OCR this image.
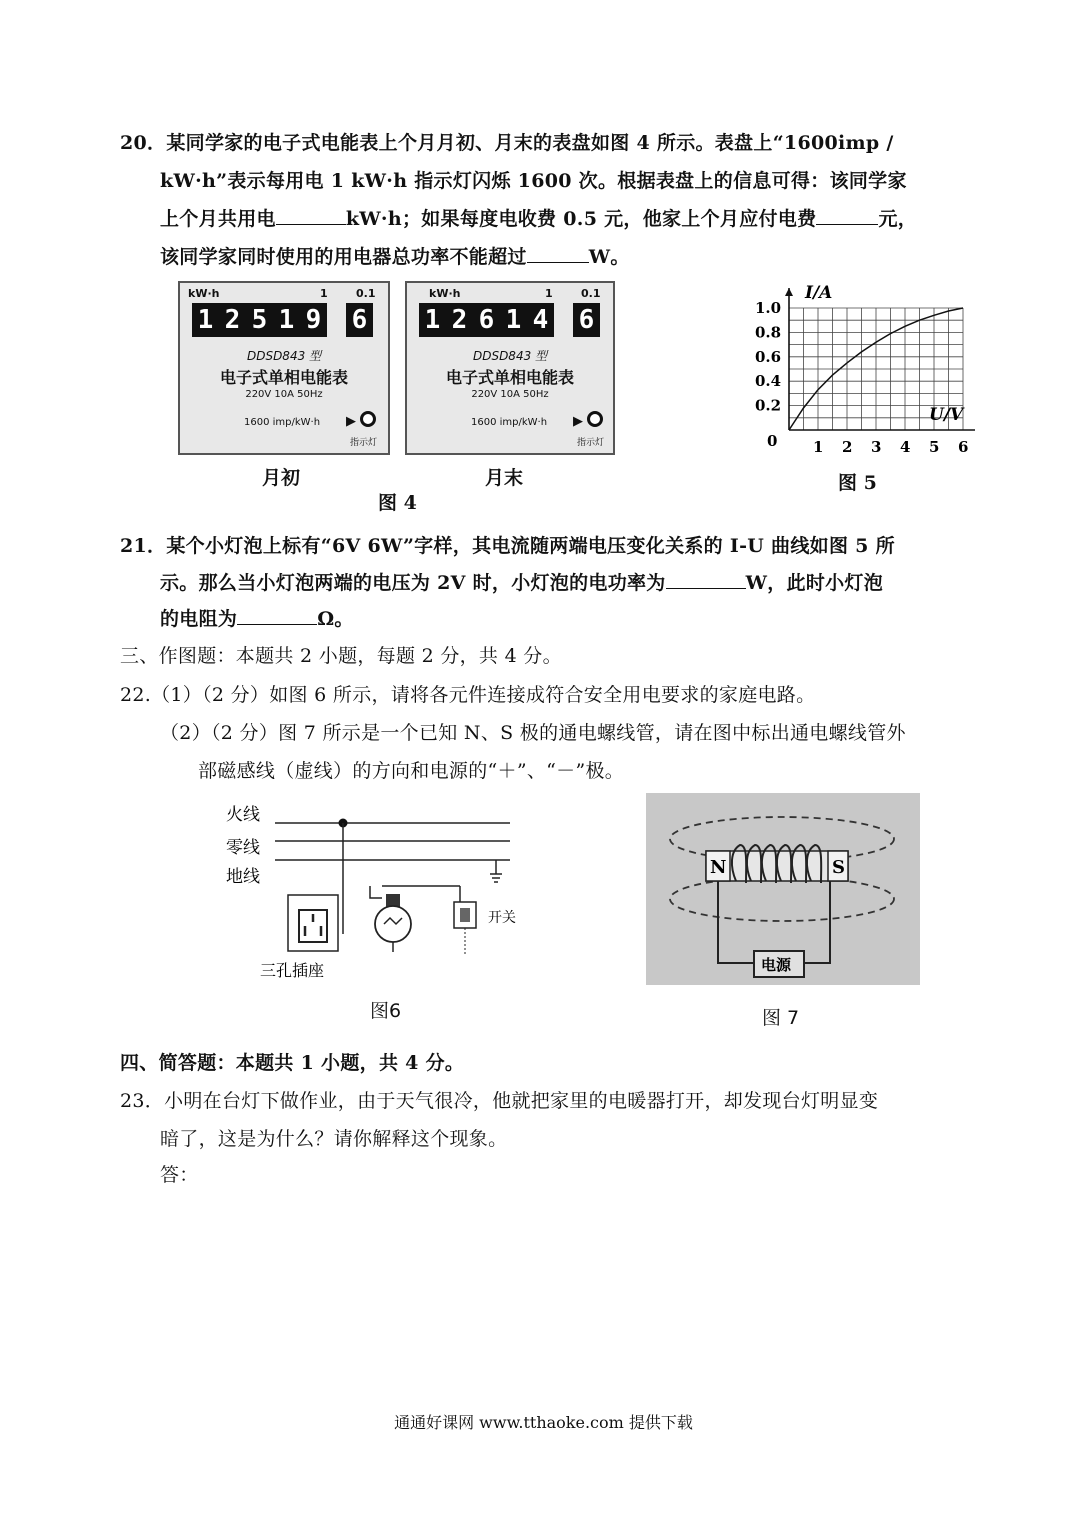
20．某同学家的电子式电能表上个月月初、月末的表盘如图 4 所示。表盘上“1600imp /
kW·h”表示每用电 1 kW·h 指示灯闪烁 1600 次。根据表盘上的信息可得：该同学家
上个月共用电	kW·h；如果每度电收费 0.5 元，他家上个月应付电费	元，
该同学家同时使用的用电器总功率不能超过	W。
kW·h	1	0.1
1 2 5 1 9 6
DDSD843 型
电子式单相电能表
220V 10A 50Hz
1600 imp/kW·h ▶
指示灯
月初
kW·h	1	0.1
1 2 6 1 4 6
DDSD843 型
电子式单相电能表
220V 10A 50Hz
1600 imp/kW·h ▶
指示灯
月末
图 4
1 2 3 4 5 6
0.2
0.4
0.6
0.8
1.0
I/A
U/V
0
图 5
21．某个小灯泡上标有“6V 6W”字样，其电流随两端电压变化关系的 I-U 曲线如图 5 所
示。那么当小灯泡两端的电压为 2V 时，小灯泡的电功率为	W，此时小灯泡
的电阻为	Ω。
三、作图题：本题共 2 小题，每题 2 分，共 4 分。
22.（1）（2 分）如图 6 所示，请将各元件连接成符合安全用电要求的家庭电路。
（2）（2 分）图 7 所示是一个已知 N、S 极的通电螺线管，请在图中标出通电螺线管外
部磁感线（虚线）的方向和电源的“＋”、“－”极。
火线
零线
地线
开关
三孔插座
图6
N	S
电源
图 7
四、简答题：本题共 1 小题，共 4 分。
23．小明在台灯下做作业，由于天气很冷，他就把家里的电暖器打开，却发现台灯明显变
暗了，这是为什么？请你解释这个现象。
答：
通通好课网 www.tthaoke.com 提供下载
